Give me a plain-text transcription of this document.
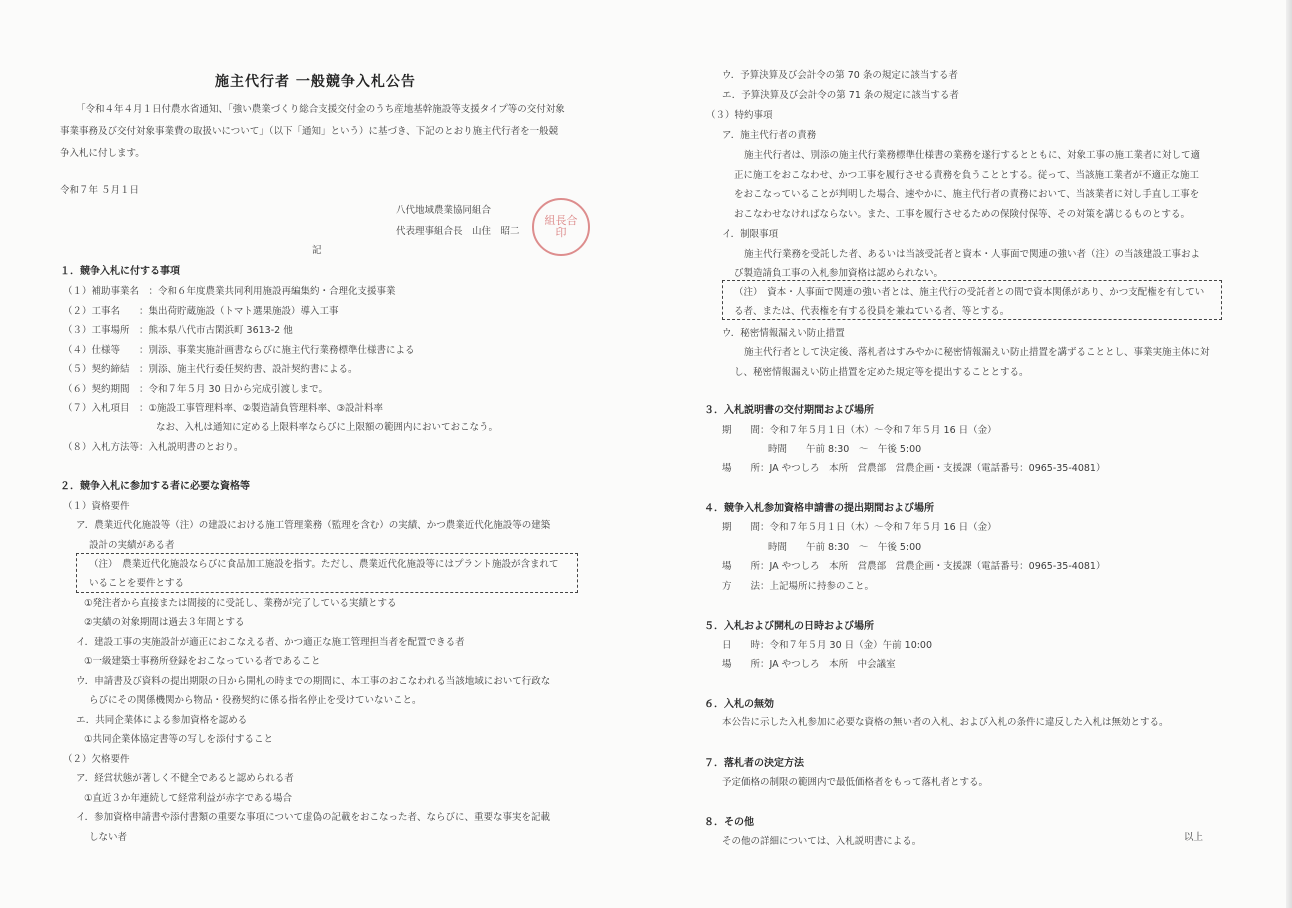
施主代行者 一般競争入札公告
「令和４年４月１日付農水省通知、「強い農業づくり総合支援交付金のうち産地基幹施設等支援タイプ等の交付対象
事業事務及び交付対象事業費の取扱いについて」（以下「通知」という）に基づき、下記のとおり施主代行者を一般競
争入札に付します。
令和７年 ５月１日
八代地域農業協同組合
代表理事組合長　山住　昭二
組長合印
記
１．競争入札に付する事項
（１）補助事業名　：令和６年度農業共同利用施設再編集約・合理化支援事業
（２）工事名　　：集出荷貯蔵施設（トマト選果施設）導入工事
（３）工事場所　：熊本県八代市古閑浜町 3613-2 他
（４）仕様等　　：別添、事業実施計画書ならびに施主代行業務標準仕様書による
（５）契約締結　：別添、施主代行委任契約書、設計契約書による。
（６）契約期間　：令和７年５月 30 日から完成引渡しまで。
（７）入札項目　：①施設工事管理料率、②製造請負管理料率、③設計料率
なお、入札は通知に定める上限料率ならびに上限額の範囲内においておこなう。
（８）入札方法等：入札説明書のとおり。
２．競争入札に参加する者に必要な資格等
（１）資格要件
ア．農業近代化施設等（注）の建設における施工管理業務（監理を含む）の実績、かつ農業近代化施設等の建築
設計の実績がある者
（注）　農業近代化施設ならびに食品加工施設を指す。ただし、農業近代化施設等にはプラント施設が含まれて
いることを要件とする
①発注者から直接または間接的に受託し、業務が完了している実績とする
②実績の対象期間は過去３年間とする
イ．建設工事の実施設計が適正におこなえる者、かつ適正な施工管理担当者を配置できる者
①一級建築士事務所登録をおこなっている者であること
ウ．申請書及び資料の提出期限の日から開札の時までの期間に、本工事のおこなわれる当該地域において行政な
らびにその関係機関から物品・役務契約に係る指名停止を受けていないこと。
エ．共同企業体による参加資格を認める
①共同企業体協定書等の写しを添付すること
（２）欠格要件
ア．経営状態が著しく不健全であると認められる者
①直近３か年連続して経常利益が赤字である場合
イ．参加資格申請書や添付書類の重要な事項について虚偽の記載をおこなった者、ならびに、重要な事実を記載
しない者
ウ．予算決算及び会計令の第 70 条の規定に該当する者
エ．予算決算及び会計令の第 71 条の規定に該当する者
（３）特約事項
ア．施主代行者の責務
施主代行者は、別添の施主代行業務標準仕様書の業務を遂行するとともに、対象工事の施工業者に対して適
正に施工をおこなわせ、かつ工事を履行させる責務を負うこととする。従って、当該施工業者が不適正な施工
をおこなっていることが判明した場合、速やかに、施主代行者の責務において、当該業者に対し手直し工事を
おこなわせなければならない。また、工事を履行させるための保険付保等、その対策を講じるものとする。
イ．制限事項
施主代行業務を受託した者、あるいは当該受託者と資本・人事面で関連の強い者（注）の当該建設工事およ
び製造請負工事の入札参加資格は認められない。
（注）　資本・人事面で関連の強い者とは、施主代行の受託者との間で資本関係があり、かつ支配権を有してい
る者、または、代表権を有する役員を兼ねている者、等とする。
ウ．秘密情報漏えい防止措置
施主代行者として決定後、落札者はすみやかに秘密情報漏えい防止措置を講ずることとし、事業実施主体に対
し、秘密情報漏えい防止措置を定めた規定等を提出することとする。
３．入札説明書の交付期間および場所
期　　間：令和７年５月１日（木）～令和７年５月 16 日（金）
時間　　午前 8:30　～　午後 5:00
場　　所：JA やつしろ　本所　営農部　営農企画・支援課（電話番号：0965-35-4081）
４．競争入札参加資格申請書の提出期間および場所
期　　間：令和７年５月１日（木）～令和７年５月 16 日（金）
時間　　午前 8:30　～　午後 5:00
場　　所：JA やつしろ　本所　営農部　営農企画・支援課（電話番号：0965-35-4081）
方　　法：上記場所に持参のこと。
５．入札および開札の日時および場所
日　　時：令和７年５月 30 日（金）午前 10:00
場　　所：JA やつしろ　本所　中会議室
６．入札の無効
本公告に示した入札参加に必要な資格の無い者の入札、および入札の条件に違反した入札は無効とする。
７．落札者の決定方法
予定価格の制限の範囲内で最低価格者をもって落札者とする。
８．その他
その他の詳細については、入札説明書による。	以上
